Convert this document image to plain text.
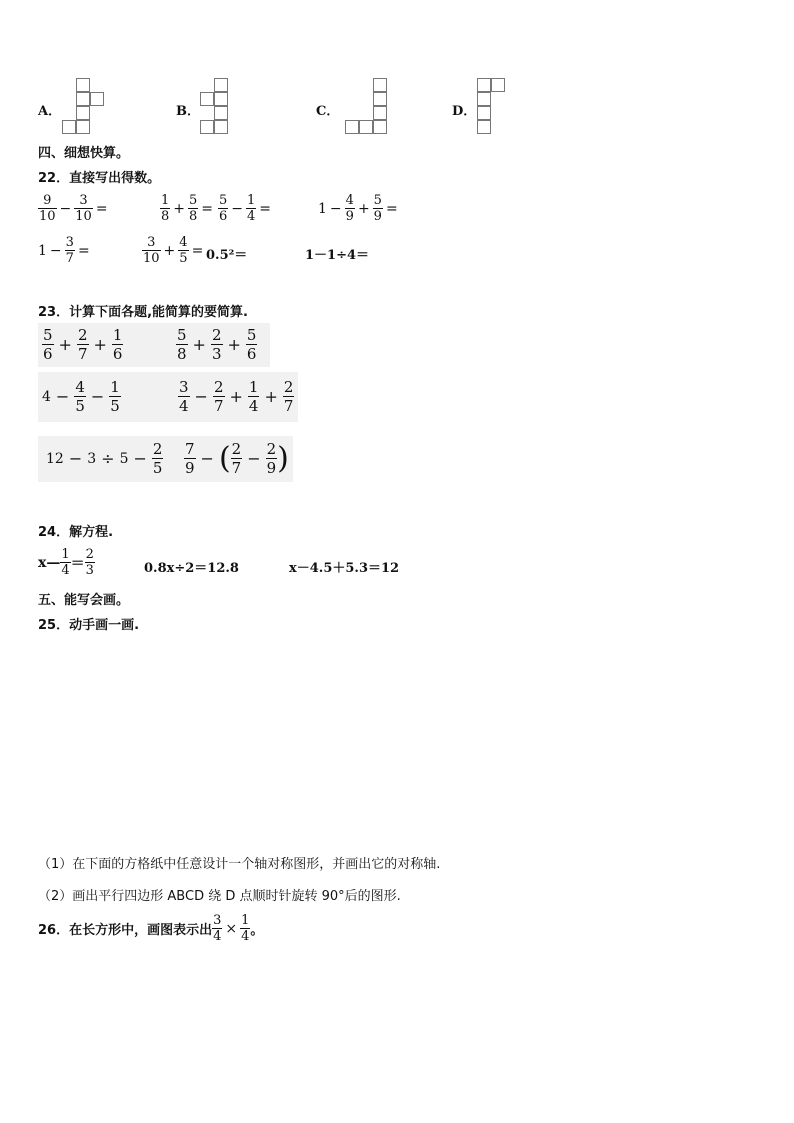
A．	B．	C．	D．
四、细想快算。
22．直接写出得数。
$\frac{9}{10} - \frac{3}{10}$ =	$\frac{1}{8} + \frac{5}{8} = \frac{5}{6} - \frac{1}{4}$ =	$1 - \frac{4}{9} + \frac{5}{9}$ =
$1 - \frac{3}{7}$ =	$\frac{3}{10} + \frac{4}{5} = 0.5^2=$	1－1÷4＝
23．计算下面各题,能简算的要简算.
$\frac{5}{6} + \frac{2}{7} + \frac{1}{6}$	$\frac{5}{8} + \frac{2}{3} + \frac{5}{6}$
$4 - \frac{4}{5} - \frac{1}{5}$	$\frac{3}{4} - \frac{2}{7} + \frac{1}{4} + \frac{2}{7}$
$12 - 3 \div 5 - \frac{2}{5} \frac{7}{9}$ − ( $\frac{2}{7} - \frac{2}{9}$ )
24．解方程.
x — $\frac{1}{4} = \frac{2}{3}$	0.8x÷2＝12.8	x－4.5＋5.3＝12
五、能写会画。
25．动手画一画.
（1）在下面的方格纸中任意设计一个轴对称图形，并画出它的对称轴.
（2）画出平行四边形 ABCD 绕 D 点顺时针旋转 90°后的图形.
26．在长方形中，画图表示出 $\frac{3}{4} \times \frac{1}{4}$ 。
